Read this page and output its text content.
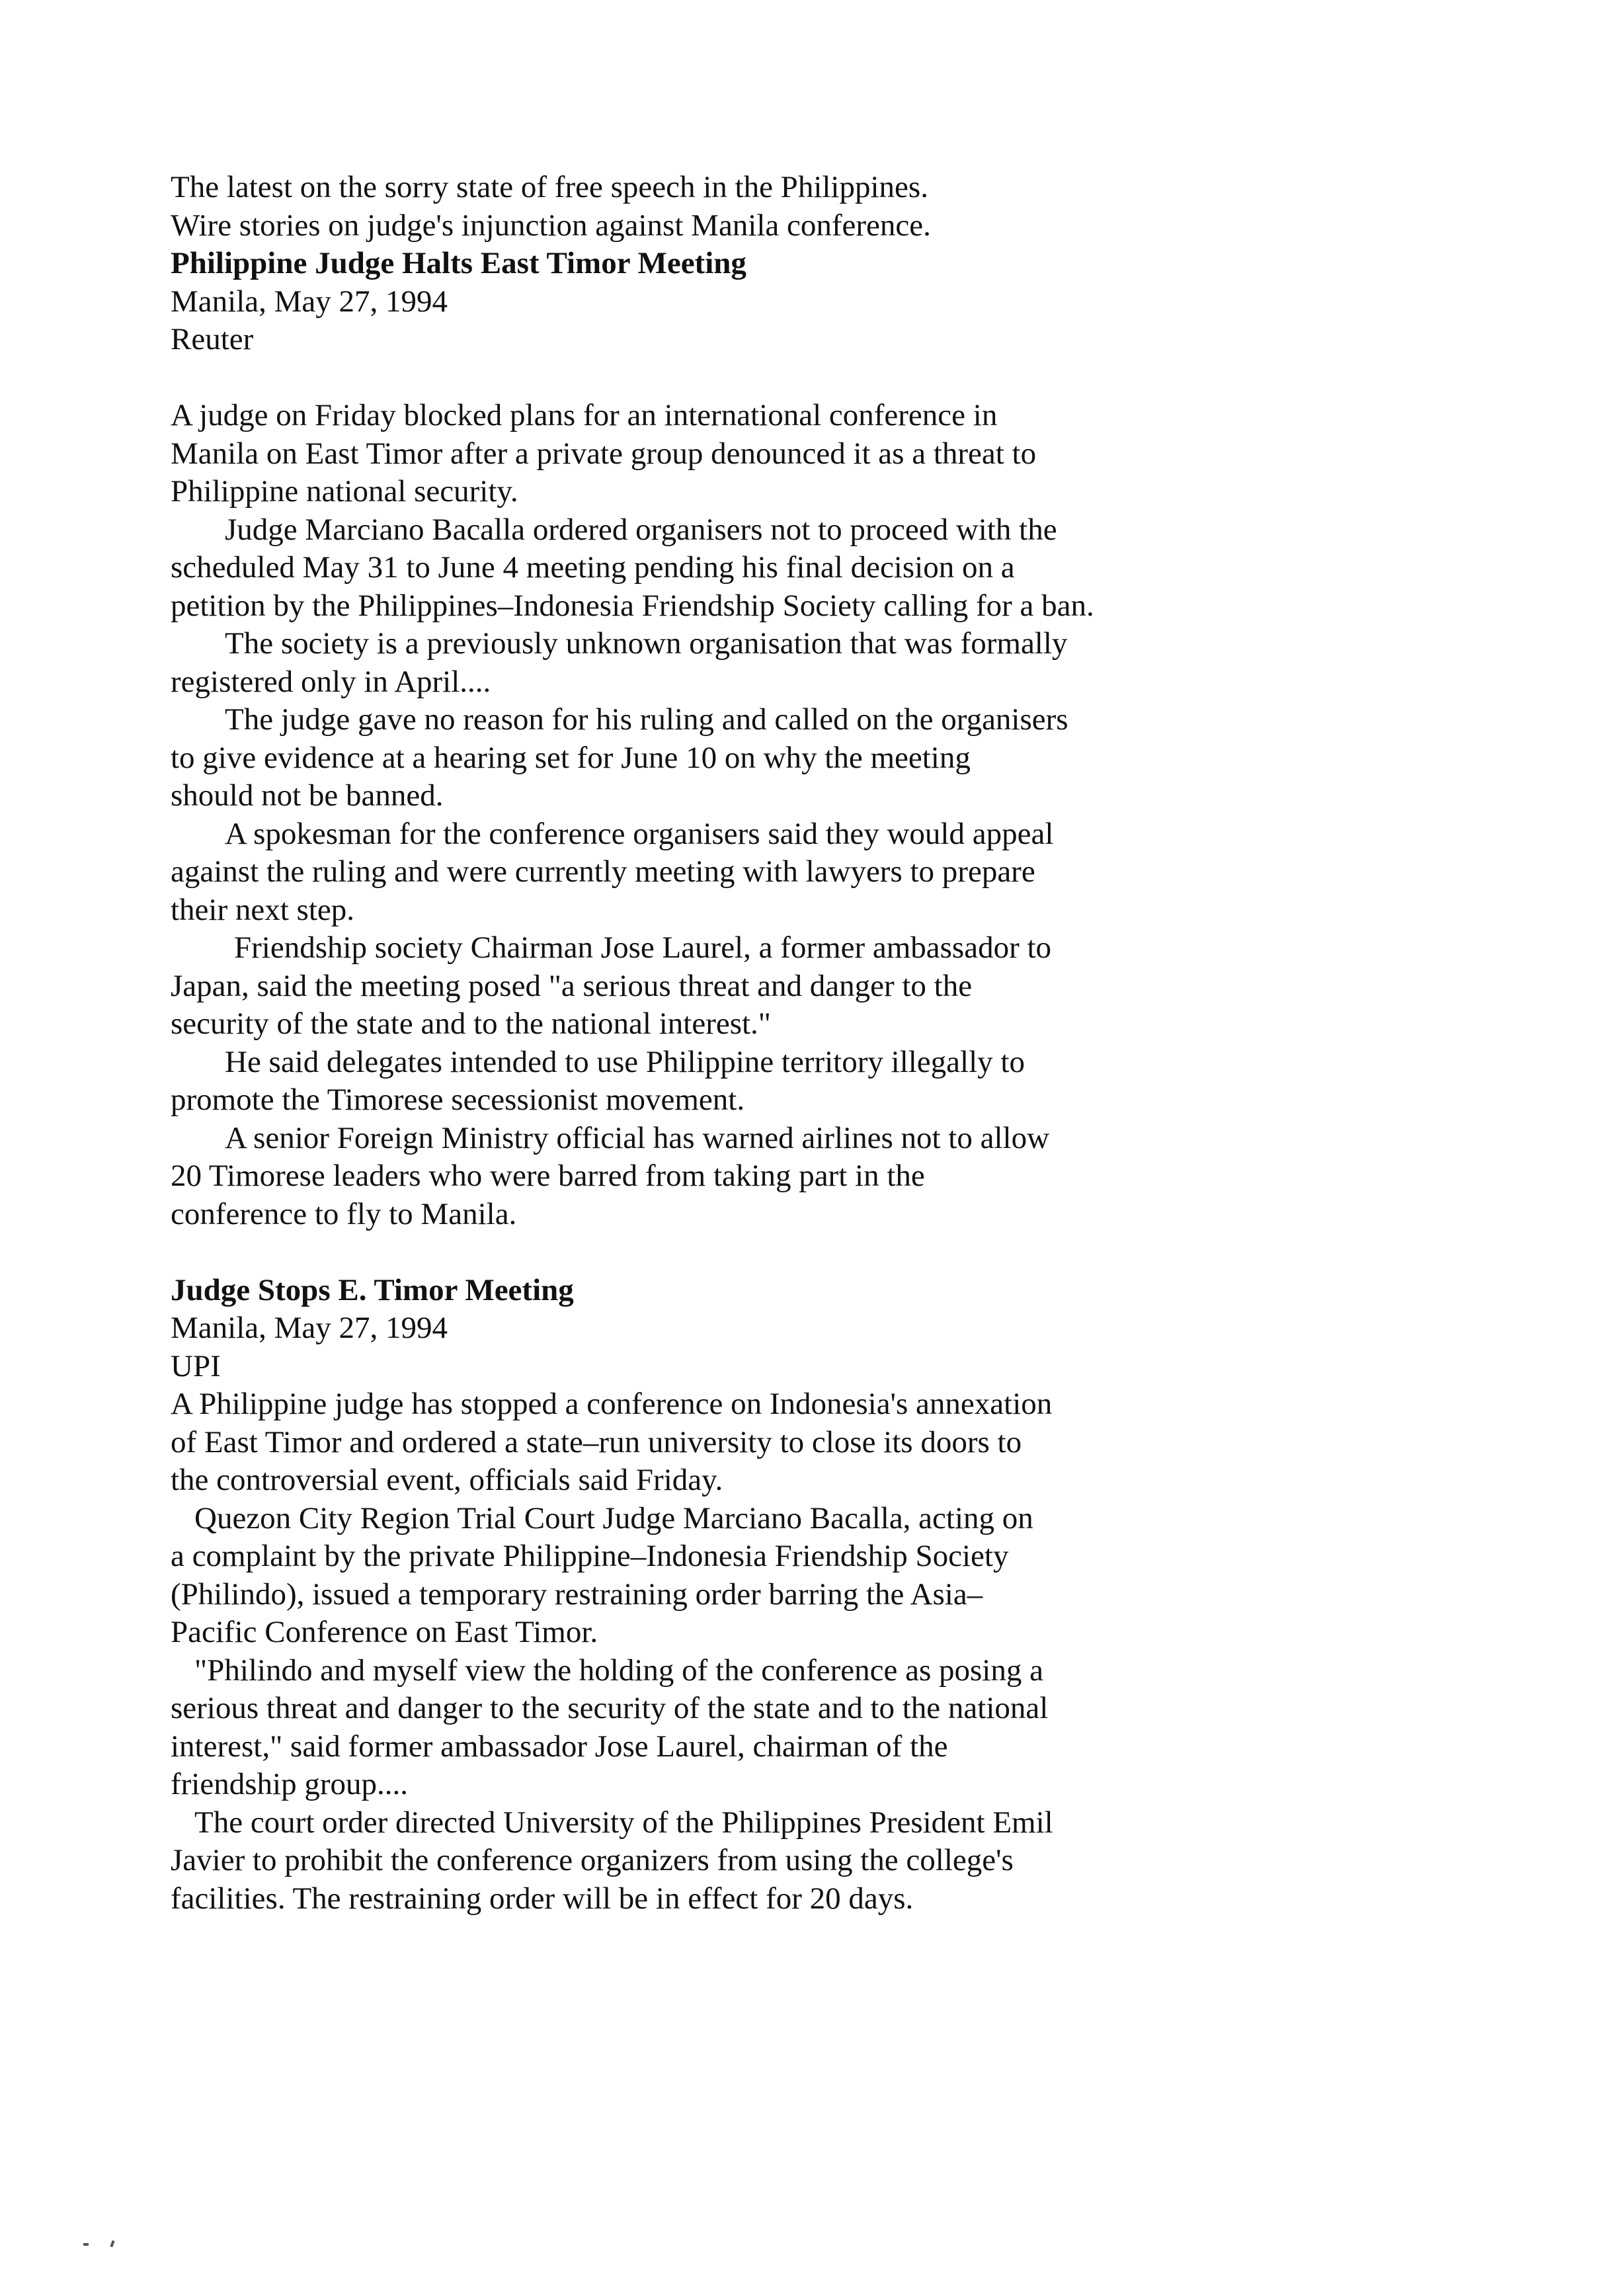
The latest on the sorry state of free speech in the Philippines.

Wire stories on judge's injunction against Manila conference.

Philippine Judge Halts East Timor Meeting

Manila, May 27, 1994

Reuter

A judge on Friday blocked plans for an international conference in
Manila on East Timor after a private group denounced it as a threat to
Philippine national security.

Judge Marciano Bacalla ordered organisers not to proceed with the
scheduled May 31 to June 4 meeting pending his final decision on a
petition by the Philippines–Indonesia Friendship Society calling for a ban.

The society is a previously unknown organisation that was formally
registered only in April....

The judge gave no reason for his ruling and called on the organisers
to give evidence at a hearing set for June 10 on why the meeting
should not be banned.

A spokesman for the conference organisers said they would appeal
against the ruling and were currently meeting with lawyers to prepare
their next step.

Friendship society Chairman Jose Laurel, a former ambassador to
Japan, said the meeting posed "a serious threat and danger to the
security of the state and to the national interest."

He said delegates intended to use Philippine territory illegally to
promote the Timorese secessionist movement.

A senior Foreign Ministry official has warned airlines not to allow
20 Timorese leaders who were barred from taking part in the
conference to fly to Manila.

Judge Stops E. Timor Meeting

Manila, May 27, 1994

UPI

A Philippine judge has stopped a conference on Indonesia's annexation
of East Timor and ordered a state–run university to close its doors to
the controversial event, officials said Friday.

Quezon City Region Trial Court Judge Marciano Bacalla, acting on
a complaint by the private Philippine–Indonesia Friendship Society
(Philindo), issued a temporary restraining order barring the Asia–
Pacific Conference on East Timor.

"Philindo and myself view the holding of the conference as posing a
serious threat and danger to the security of the state and to the national
interest," said former ambassador Jose Laurel, chairman of the
friendship group....

The court order directed University of the Philippines President Emil
Javier to prohibit the conference organizers from using the college's
facilities. The restraining order will be in effect for 20 days.
